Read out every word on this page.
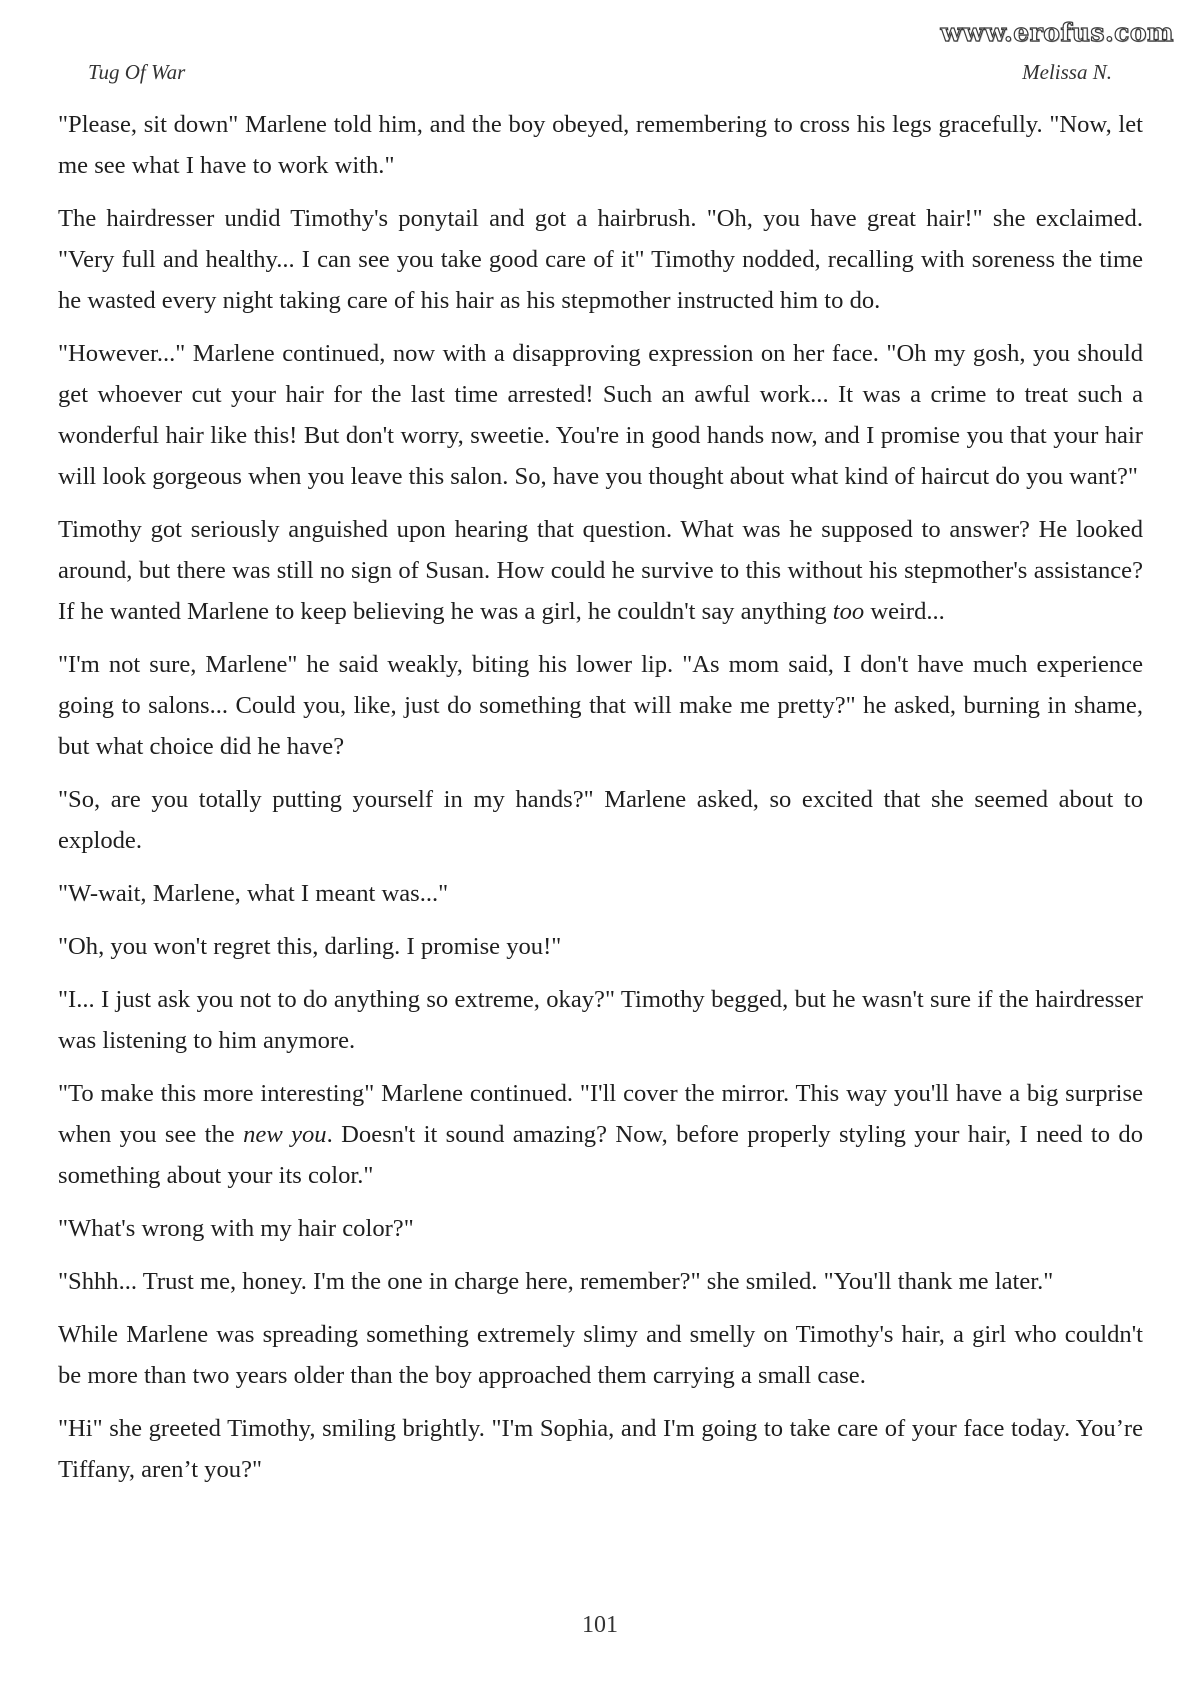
www.erofus.com
Tug Of War	Melissa N.

"Please, sit down" Marlene told him, and the boy obeyed, remembering to cross his legs gracefully. "Now, let me see what I have to work with."

The hairdresser undid Timothy's ponytail and got a hairbrush. "Oh, you have great hair!" she exclaimed. "Very full and healthy... I can see you take good care of it" Timothy nodded, recalling with soreness the time he wasted every night taking care of his hair as his stepmother instructed him to do.

"However..." Marlene continued, now with a disapproving expression on her face. "Oh my gosh, you should get whoever cut your hair for the last time arrested! Such an awful work... It was a crime to treat such a wonderful hair like this! But don't worry, sweetie. You're in good hands now, and I promise you that your hair will look gorgeous when you leave this salon. So, have you thought about what kind of haircut do you want?"

Timothy got seriously anguished upon hearing that question. What was he supposed to answer? He looked around, but there was still no sign of Susan. How could he survive to this without his stepmother's assistance? If he wanted Marlene to keep believing he was a girl, he couldn't say anything too weird...

"I'm not sure, Marlene" he said weakly, biting his lower lip. "As mom said, I don't have much experience going to salons... Could you, like, just do something that will make me pretty?" he asked, burning in shame, but what choice did he have?

"So, are you totally putting yourself in my hands?" Marlene asked, so excited that she seemed about to explode.

"W-wait, Marlene, what I meant was..."

"Oh, you won't regret this, darling. I promise you!"

"I... I just ask you not to do anything so extreme, okay?" Timothy begged, but he wasn't sure if the hairdresser was listening to him anymore.

"To make this more interesting" Marlene continued. "I'll cover the mirror. This way you'll have a big surprise when you see the new you. Doesn't it sound amazing? Now, before properly styling your hair, I need to do something about your its color."

"What's wrong with my hair color?"

"Shhh... Trust me, honey. I'm the one in charge here, remember?" she smiled. "You'll thank me later."

While Marlene was spreading something extremely slimy and smelly on Timothy's hair, a girl who couldn't be more than two years older than the boy approached them carrying a small case.

"Hi" she greeted Timothy, smiling brightly. "I'm Sophia, and I'm going to take care of your face today. You’re Tiffany, aren’t you?"

101
